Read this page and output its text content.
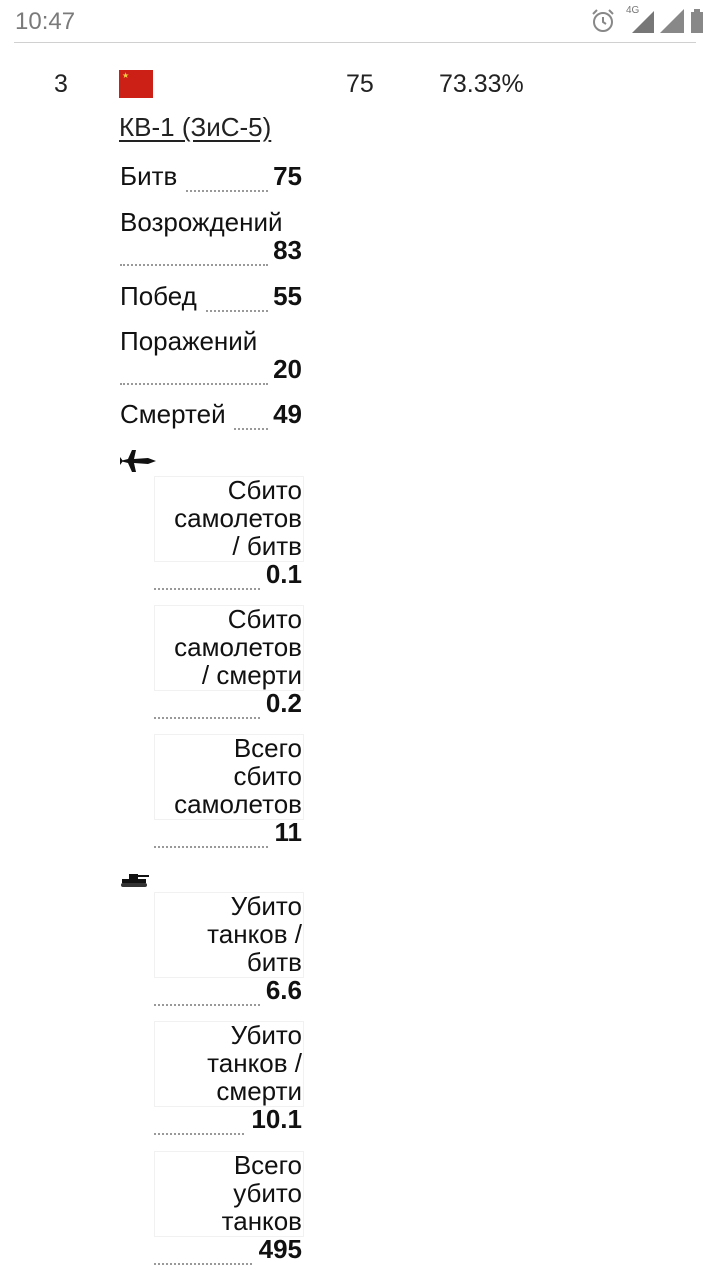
10:47	4G
3	★	75	73.33%
КВ-1 (ЗиС-5)
Битв	75
Возрождений
83
Побед	55
Поражений
20
Смертей 49
Сбито
самолетов
/ битв
0.1
Сбито
самолетов
/ смерти
0.2
Всего
сбито
самолетов
11
Убито
танков /
битв
6.6
Убито
танков /
смерти
10.1
Всего
убито
танков
495
